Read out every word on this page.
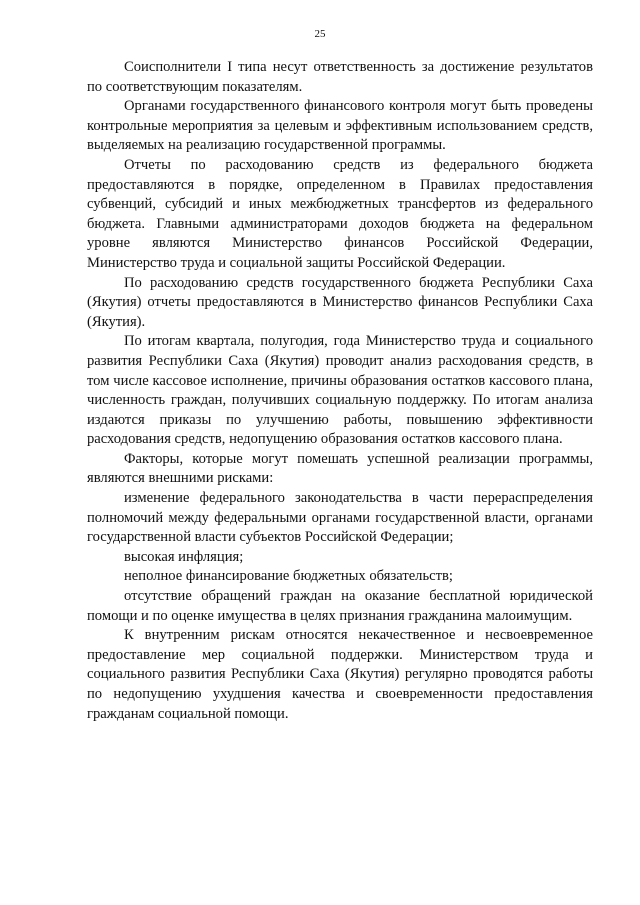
25

Соисполнители I типа несут ответственность за достижение результатов по соответствующим показателям.

Органами государственного финансового контроля могут быть проведены контрольные мероприятия за целевым и эффективным использованием средств, выделяемых на реализацию государственной программы.

Отчеты по расходованию средств из федерального бюджета предоставляются в порядке, определенном в Правилах предоставления субвенций, субсидий и иных межбюджетных трансфертов из федерального бюджета. Главными администраторами доходов бюджета на федеральном уровне являются Министерство финансов Российской Федерации, Министерство труда и социальной защиты Российской Федерации.

По расходованию средств государственного бюджета Республики Саха (Якутия) отчеты предоставляются в Министерство финансов Республики Саха (Якутия).

По итогам квартала, полугодия, года Министерство труда и социального развития Республики Саха (Якутия) проводит анализ расходования средств, в том числе кассовое исполнение, причины образования остатков кассового плана, численность граждан, получивших социальную поддержку. По итогам анализа издаются приказы по улучшению работы, повышению эффективности расходования средств, недопущению образования остатков кассового плана.

Факторы, которые могут помешать успешной реализации программы, являются внешними рисками:

изменение федерального законодательства в части перераспределения полномочий между федеральными органами государственной власти, органами государственной власти субъектов Российской Федерации;

высокая инфляция;

неполное финансирование бюджетных обязательств;

отсутствие обращений граждан на оказание бесплатной юридической помощи и по оценке имущества в целях признания гражданина малоимущим.

К внутренним рискам относятся некачественное и несвоевременное предоставление мер социальной поддержки. Министерством труда и социального развития Республики Саха (Якутия) регулярно проводятся работы по недопущению ухудшения качества и своевременности предоставления гражданам социальной помощи.
